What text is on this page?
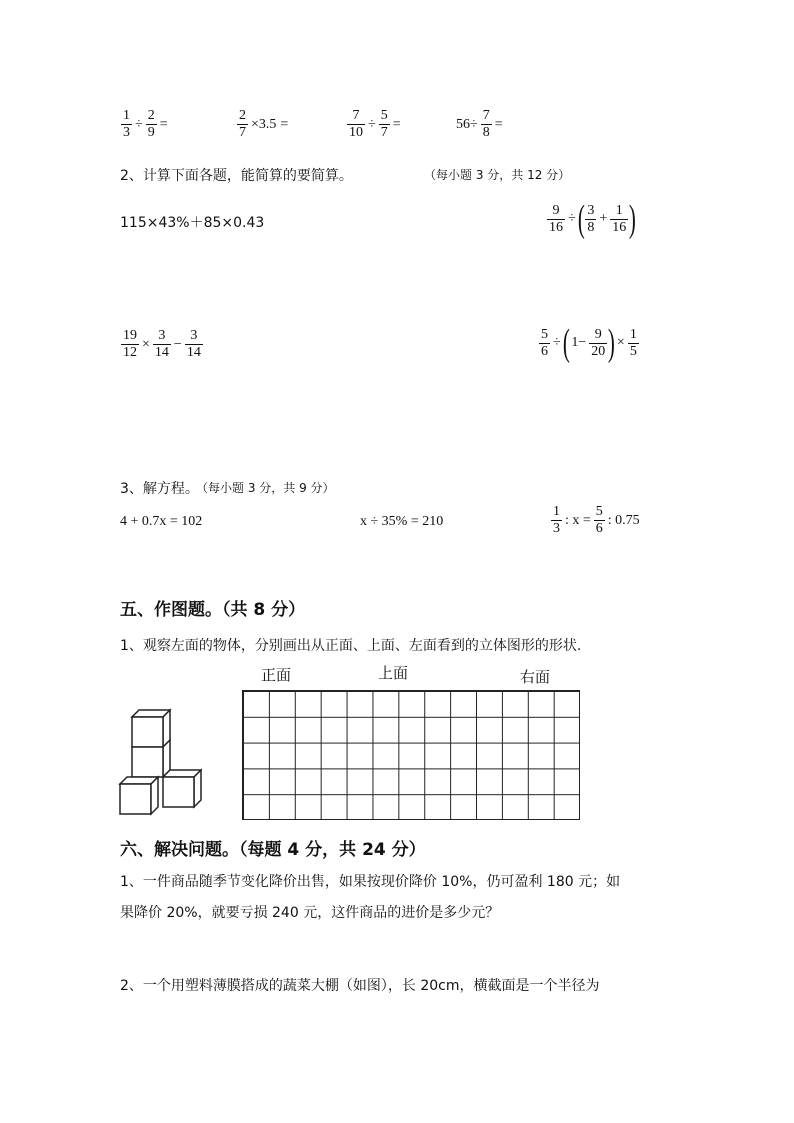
$\frac{1}{3} \div \frac{2}{9}$ =	$\frac{2}{7} \times 3.5$ =	$\frac{7}{10} \div \frac{5}{7}$ =	$56\div \frac{7}{8}$ =
2、计算下面各题，能简算的要简算。	（每小题 3 分，共 12 分）
115×43%＋85×0.43	$\frac{9}{16}$ ÷ ( $\frac{3}{8} + \frac{1}{16}$ )
$\frac{19}{12} \times \frac{3}{14} - \frac{3}{14}$	$\frac{5}{6}$ ÷ ( $1- \frac{9}{20}$ ) × $\frac{1}{5}$
3、解方程。
（每小题 3 分，共 9 分）
4 + 0.7x = 102	x ÷ 35% = 210	$\frac{1}{3}$ : $x = \frac{5}{6}$ : 0.75
五、作图题。（共 8 分）
1、观察左面的物体，分别画出从正面、上面、左面看到的立体图形的形状.
正面	上面	右面
六、解决问题。（每题 4 分，共 24 分）
1、一件商品随季节变化降价出售，如果按现价降价 10%，仍可盈利 180 元；如
果降价 20%，就要亏损 240 元，这件商品的进价是多少元？
2、一个用塑料薄膜搭成的蔬菜大棚（如图），长 20cm，横截面是一个半径为
